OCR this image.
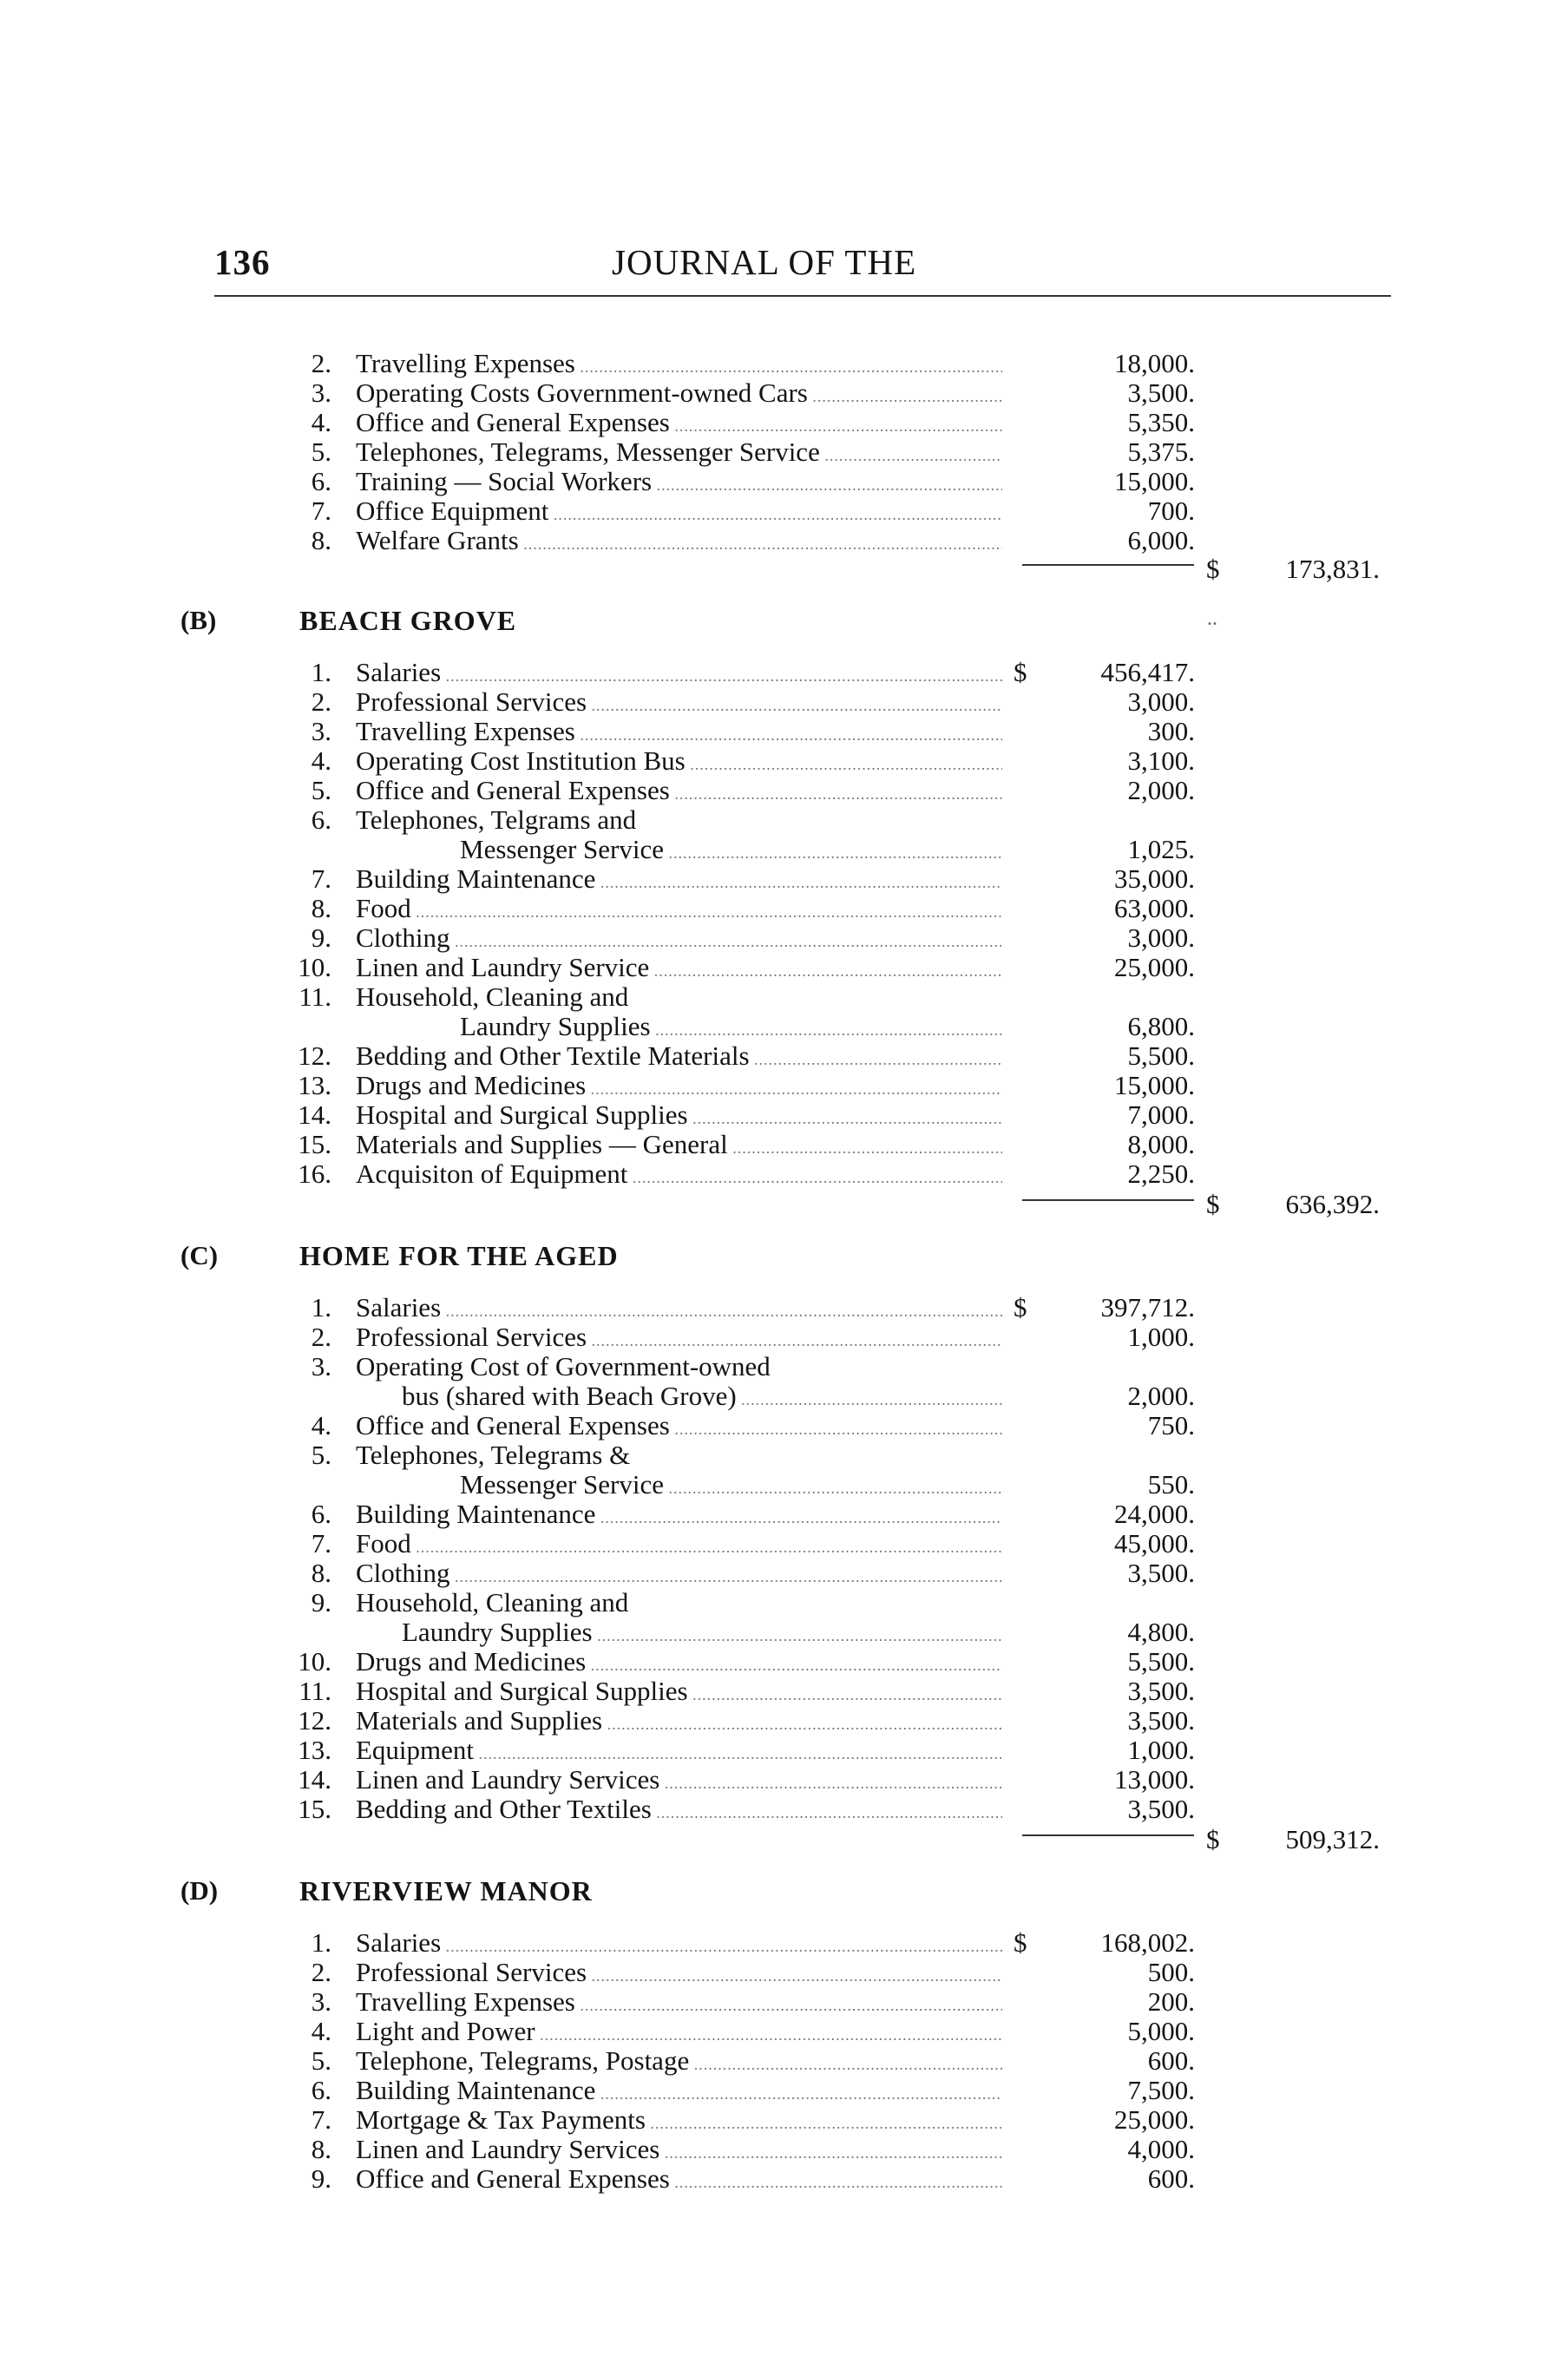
136	JOURNAL OF THE
..
2. Travelling Expenses .....	18,000.
3. Operating Costs Government-owned Cars .....	3,500.
4. Office and General Expenses .....	5,350.
5. Telephones, Telegrams, Messenger Service .....	5,375.
6. Training — Social Workers .....	15,000.
7. Office Equipment .....	700.
8. Welfare Grants .....	6,000.
$	173,831.
(B)	BEACH GROVE
1. Salaries .....	$	456,417.
2. Professional Services .....	3,000.
3. Travelling Expenses .....	300.
4. Operating Cost Institution Bus .....	3,100.
5. Office and General Expenses .....	2,000.
6. Telephones, Telgrams and
Messenger Service .....	1,025.
7. Building Maintenance .....	35,000.
8. Food .....	63,000.
9. Clothing .....	3,000.
10. Linen and Laundry Service .....	25,000.
11. Household, Cleaning and
Laundry Supplies .....	6,800.
12. Bedding and Other Textile Materials .....	5,500.
13. Drugs and Medicines .....	15,000.
14. Hospital and Surgical Supplies .....	7,000.
15. Materials and Supplies — General .....	8,000.
16. Acquisiton of Equipment .....	2,250.
$	636,392.
(C)	HOME FOR THE AGED
1. Salaries .....	$	397,712.
2. Professional Services .....	1,000.
3. Operating Cost of Government-owned
bus (shared with Beach Grove) .....	2,000.
4. Office and General Expenses .....	750.
5. Telephones, Telegrams &
Messenger Service .....	550.
6. Building Maintenance .....	24,000.
7. Food .....	45,000.
8. Clothing .....	3,500.
9. Household, Cleaning and
Laundry Supplies .....	4,800.
10. Drugs and Medicines .....	5,500.
11. Hospital and Surgical Supplies .....	3,500.
12. Materials and Supplies .....	3,500.
13. Equipment .....	1,000.
14. Linen and Laundry Services .....	13,000.
15. Bedding and Other Textiles .....	3,500.
$	509,312.
(D)	RIVERVIEW MANOR
1. Salaries .....	$	168,002.
2. Professional Services .....	500.
3. Travelling Expenses .....	200.
4. Light and Power .....	5,000.
5. Telephone, Telegrams, Postage .....	600.
6. Building Maintenance .....	7,500.
7. Mortgage & Tax Payments .....	25,000.
8. Linen and Laundry Services .....	4,000.
9. Office and General Expenses .....	600.
